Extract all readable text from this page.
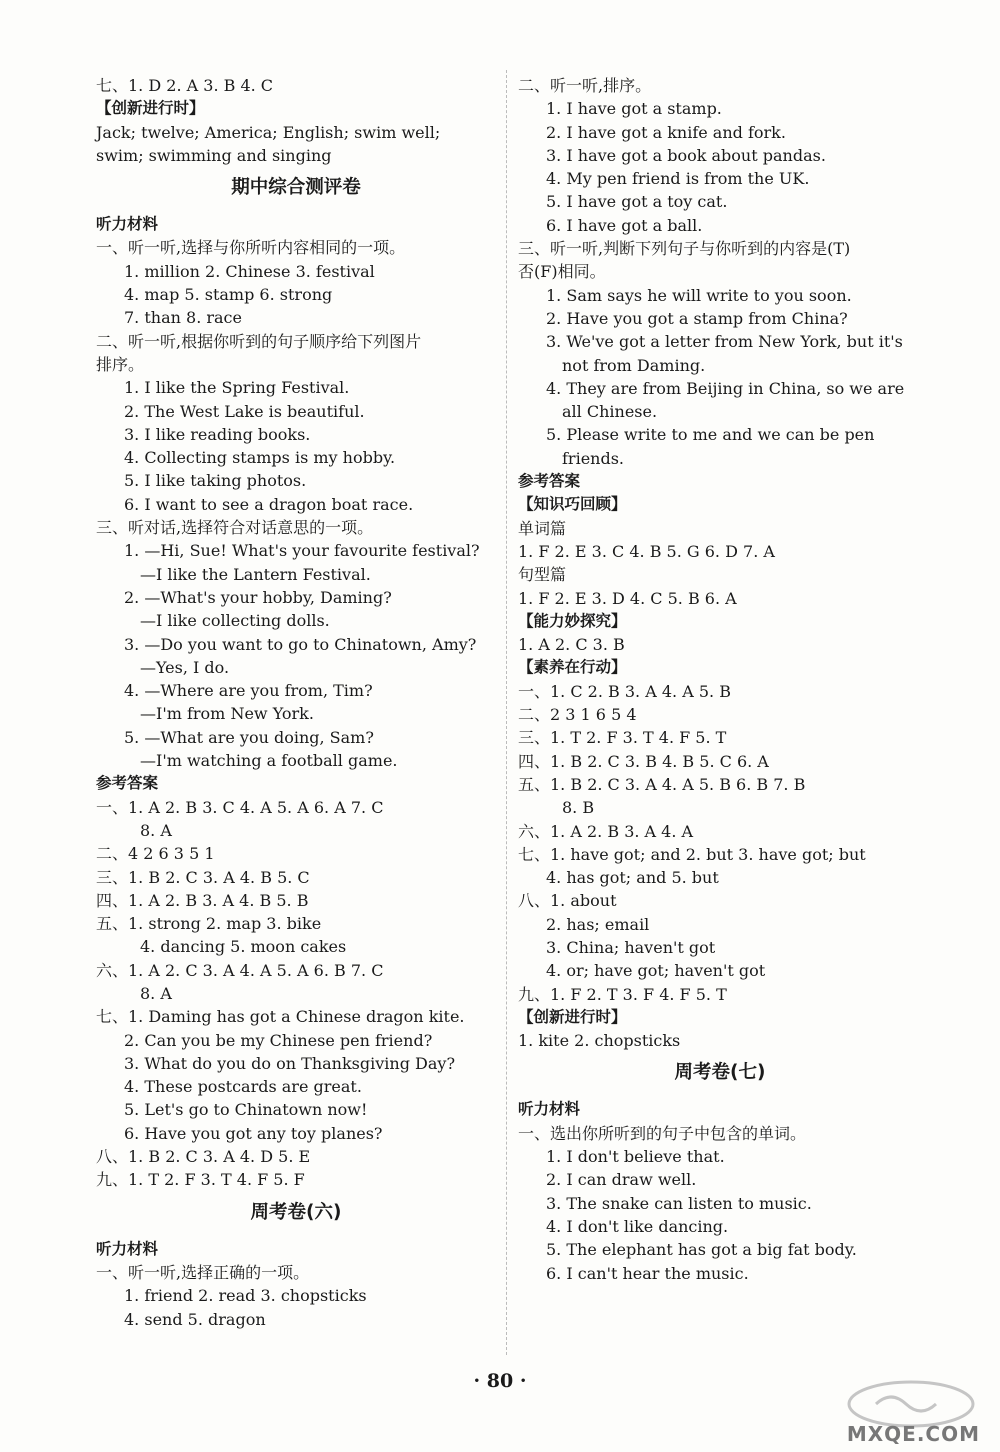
七、1. D 2. A 3. B 4. C
【创新进行时】
Jack; twelve; America; English; swim well;
swim; swimming and singing
期中综合测评卷
听力材料
一、听一听,选择与你所听内容相同的一项。
1. million 2. Chinese 3. festival
4. map 5. stamp 6. strong
7. than 8. race
二、听一听,根据你听到的句子顺序给下列图片
排序。
1. I like the Spring Festival.
2. The West Lake is beautiful.
3. I like reading books.
4. Collecting stamps is my hobby.
5. I like taking photos.
6. I want to see a dragon boat race.
三、听对话,选择符合对话意思的一项。
1. —Hi, Sue! What's your favourite festival?
—I like the Lantern Festival.
2. —What's your hobby, Daming?
—I like collecting dolls.
3. —Do you want to go to Chinatown, Amy?
—Yes, I do.
4. —Where are you from, Tim?
—I'm from New York.
5. —What are you doing, Sam?
—I'm watching a football game.
参考答案
一、1. A 2. B 3. C 4. A 5. A 6. A 7. C
8. A
二、4 2 6 3 5 1
三、1. B 2. C 3. A 4. B 5. C
四、1. A 2. B 3. A 4. B 5. B
五、1. strong 2. map 3. bike
4. dancing 5. moon cakes
六、1. A 2. C 3. A 4. A 5. A 6. B 7. C
8. A
七、1. Daming has got a Chinese dragon kite.
2. Can you be my Chinese pen friend?
3. What do you do on Thanksgiving Day?
4. These postcards are great.
5. Let's go to Chinatown now!
6. Have you got any toy planes?
八、1. B 2. C 3. A 4. D 5. E
九、1. T 2. F 3. T 4. F 5. F
周考卷(六)
听力材料
一、听一听,选择正确的一项。
1. friend 2. read 3. chopsticks
4. send 5. dragon
二、听一听,排序。
1. I have got a stamp.
2. I have got a knife and fork.
3. I have got a book about pandas.
4. My pen friend is from the UK.
5. I have got a toy cat.
6. I have got a ball.
三、听一听,判断下列句子与你听到的内容是(T)
否(F)相同。
1. Sam says he will write to you soon.
2. Have you got a stamp from China?
3. We've got a letter from New York, but it's
not from Daming.
4. They are from Beijing in China, so we are
all Chinese.
5. Please write to me and we can be pen
friends.
参考答案
【知识巧回顾】
单词篇
1. F 2. E 3. C 4. B 5. G 6. D 7. A
句型篇
1. F 2. E 3. D 4. C 5. B 6. A
【能力妙探究】
1. A 2. C 3. B
【素养在行动】
一、1. C 2. B 3. A 4. A 5. B
二、2 3 1 6 5 4
三、1. T 2. F 3. T 4. F 5. T
四、1. B 2. C 3. B 4. B 5. C 6. A
五、1. B 2. C 3. A 4. A 5. B 6. B 7. B
8. B
六、1. A 2. B 3. A 4. A
七、1. have got; and 2. but 3. have got; but
4. has got; and 5. but
八、1. about
2. has; email
3. China; haven't got
4. or; have got; haven't got
九、1. F 2. T 3. F 4. F 5. T
【创新进行时】
1. kite 2. chopsticks
周考卷(七)
听力材料
一、选出你所听到的句子中包含的单词。
1. I don't believe that.
2. I can draw well.
3. The snake can listen to music.
4. I don't like dancing.
5. The elephant has got a big fat body.
6. I can't hear the music.
· 80 ·
MXQE.COM
